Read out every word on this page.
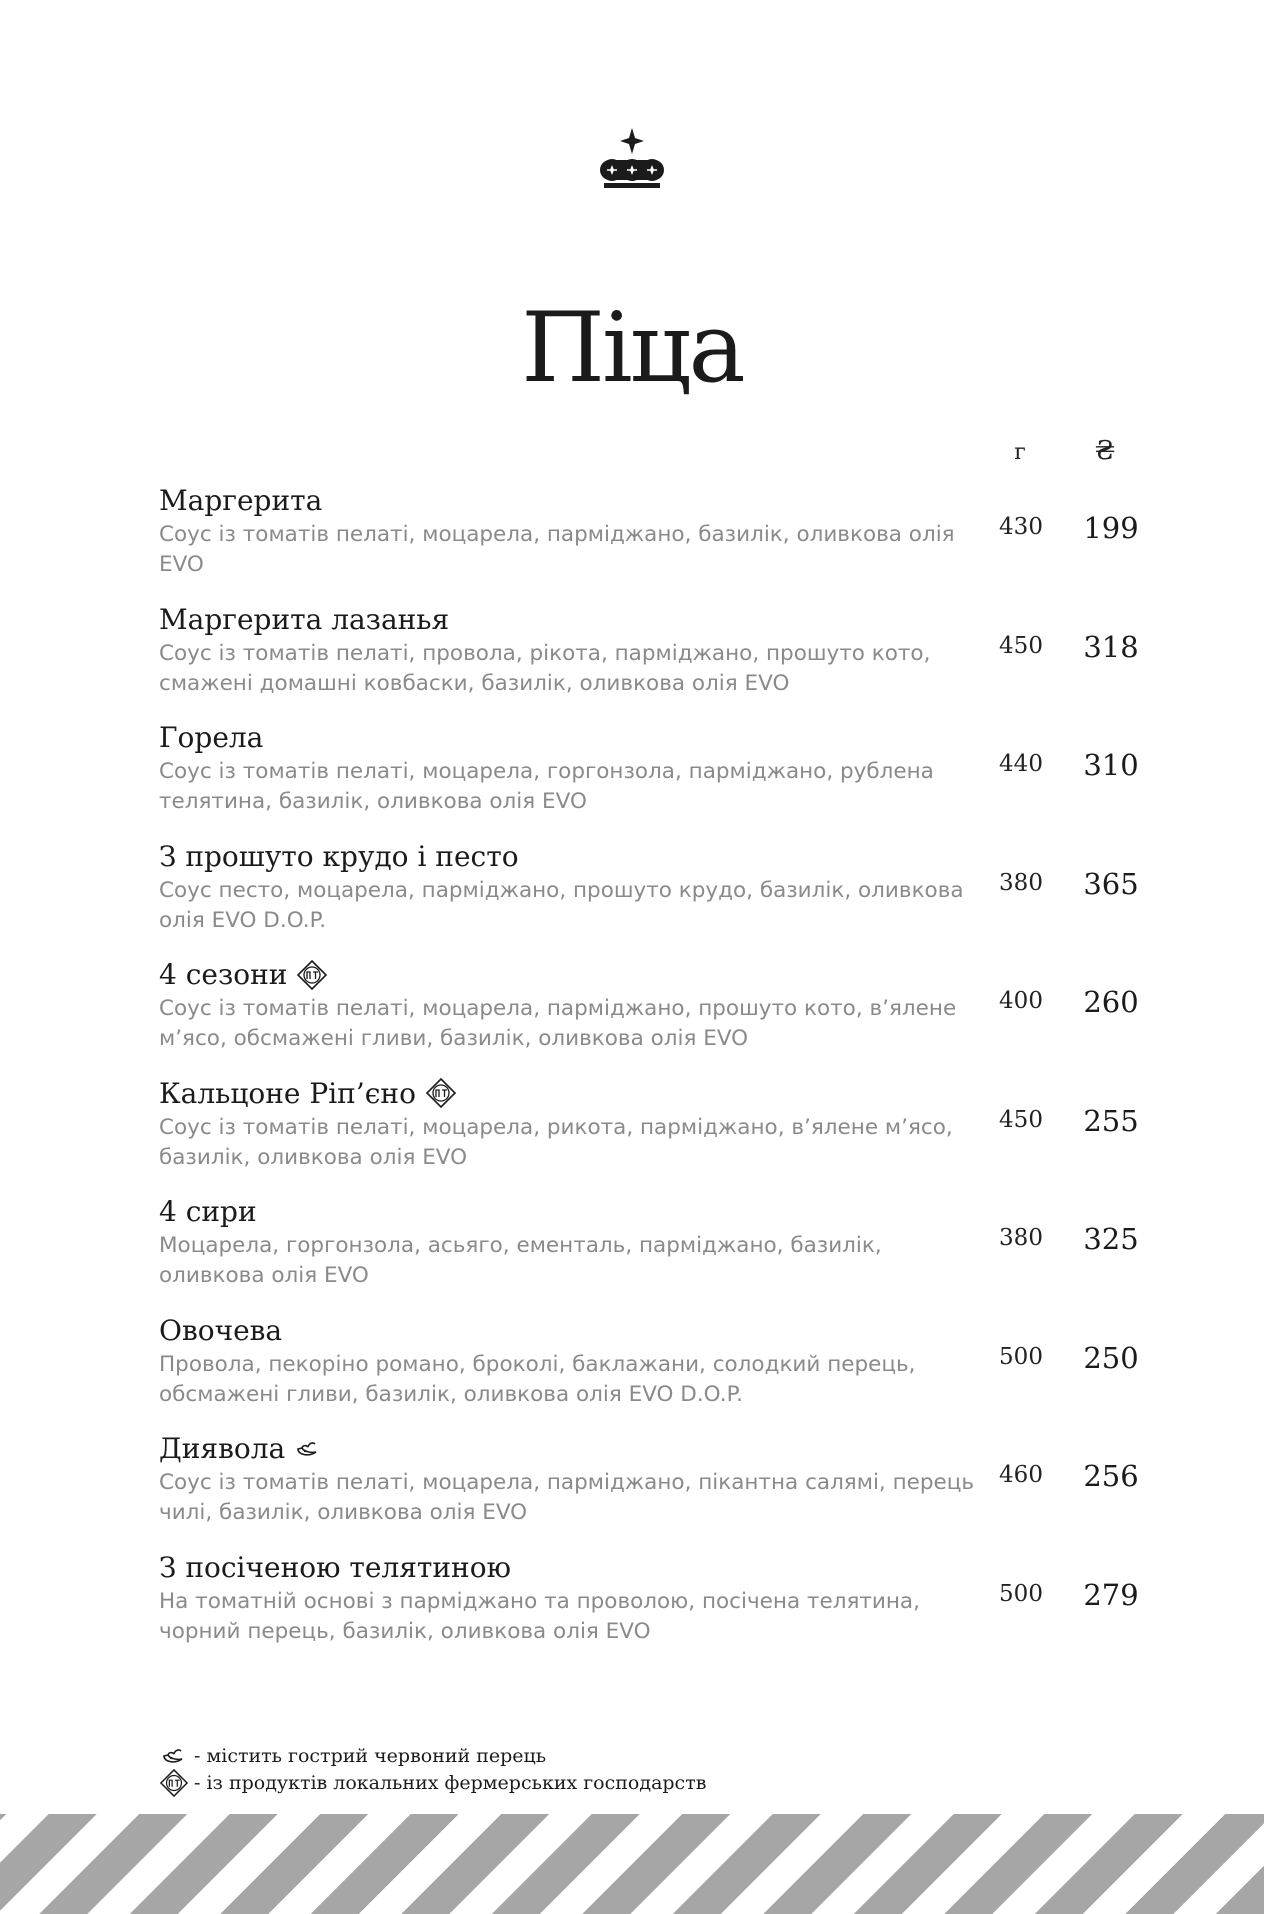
Піца
г	₴
Маргерита
Соус із томатів пелаті, моцарела, парміджано, базилік, оливкова олія EVO
430 199
Маргерита лазанья
Соус із томатів пелаті, провола, рікота, парміджано, прошуто кото, смажені домашні ковбаски, базилік, оливкова олія EVO
450 318
Горела
Соус із томатів пелаті, моцарела, горгонзола, парміджано, рублена телятина, базилік, оливкова олія EVO
440 310
З прошуто крудо і песто
Соус песто, моцарела, парміджано, прошуто крудо, базилік, оливкова олія EVO D.O.P.
380 365
4 сезони
Соус із томатів пелаті, моцарела, парміджано, прошуто кото, в’ялене м’ясо, обсмажені гливи, базилік, оливкова олія EVO
400 260
Кальцоне Ріп’єно
Соус із томатів пелаті, моцарела, рикота, парміджано, в’ялене м’ясо, базилік, оливкова олія EVO
450 255
4 сири
Моцарела, горгонзола, асьяго, ементаль, парміджано, базилік, оливкова олія EVO
380 325
Овочева
Провола, пекоріно романо, броколі, баклажани, солодкий перець, обсмажені гливи, базилік, оливкова олія EVO D.O.P.
500 250
Диявола
Соус із томатів пелаті, моцарела, парміджано, пікантна салямі, перець чилі, базилік, оливкова олія EVO
460 256
З посіченою телятиною
На томатній основі з парміджано та проволою, посічена телятина, чорний перець, базилік, оливкова олія EVO
500 279
- містить гострий червоний перець
- із продуктів локальних фермерських господарств
